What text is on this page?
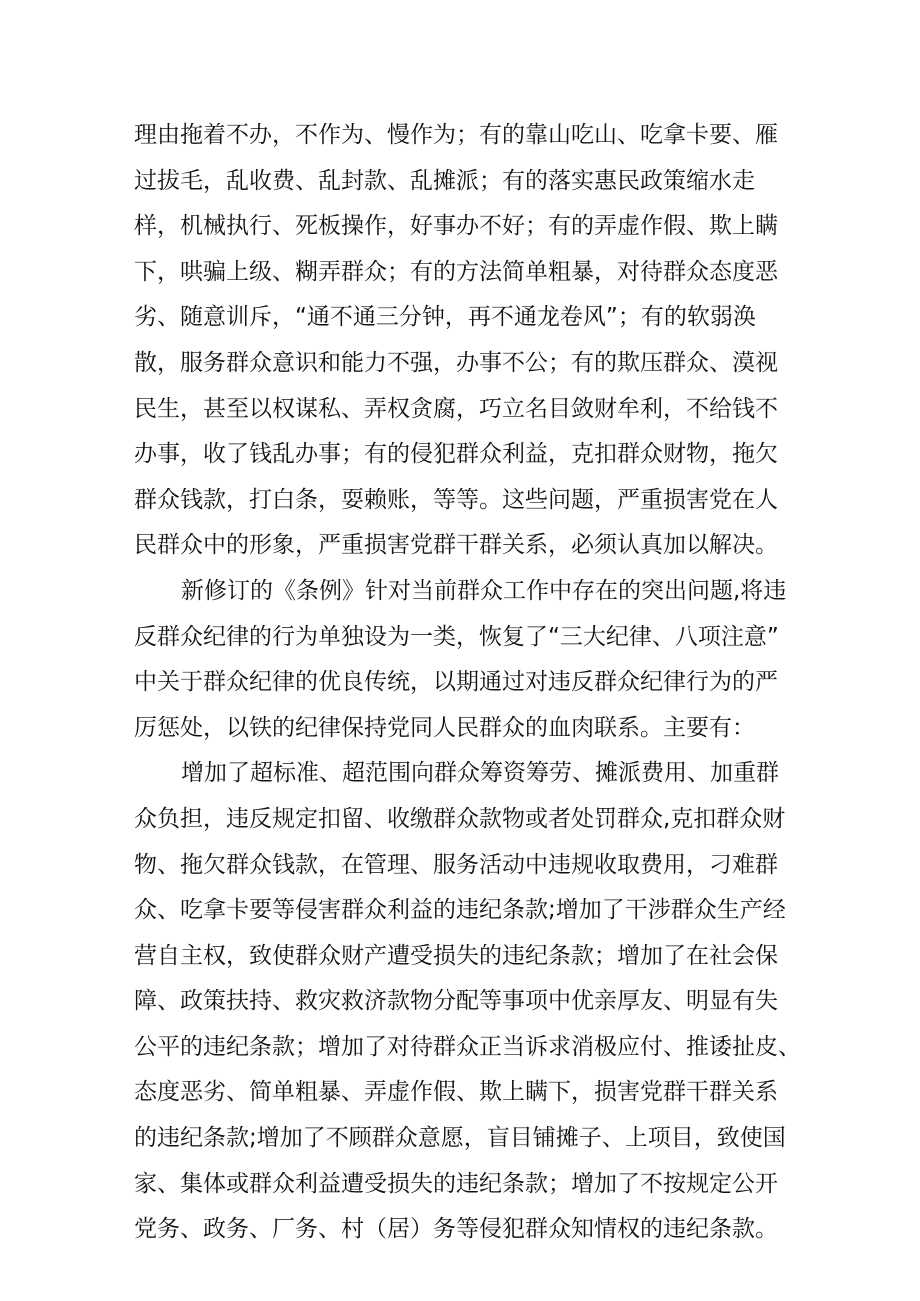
理由拖着不办，不作为、慢作为；有的靠山吃山、吃拿卡要、雁
过拔毛，乱收费、乱封款、乱摊派；有的落实惠民政策缩水走
样，机械执行、死板操作，好事办不好；有的弄虚作假、欺上瞒
下，哄骗上级、糊弄群众；有的方法简单粗暴，对待群众态度恶
劣、随意训斥，“通不通三分钟，再不通龙卷风”；有的软弱涣
散，服务群众意识和能力不强，办事不公；有的欺压群众、漠视
民生，甚至以权谋私、弄权贪腐，巧立名目敛财牟利，不给钱不
办事，收了钱乱办事；有的侵犯群众利益，克扣群众财物，拖欠
群众钱款，打白条，耍赖账，等等。这些问题，严重损害党在人
民群众中的形象，严重损害党群干群关系，必须认真加以解决。
新修订的《条例》针对当前群众工作中存在的突出问题,将违
反群众纪律的行为单独设为一类，恢复了“三大纪律、八项注意”
中关于群众纪律的优良传统，以期通过对违反群众纪律行为的严
厉惩处，以铁的纪律保持党同人民群众的血肉联系。主要有：
增加了超标准、超范围向群众筹资筹劳、摊派费用、加重群
众负担，违反规定扣留、收缴群众款物或者处罚群众,克扣群众财
物、拖欠群众钱款，在管理、服务活动中违规收取费用，刁难群
众、吃拿卡要等侵害群众利益的违纪条款;增加了干涉群众生产经
营自主权，致使群众财产遭受损失的违纪条款；增加了在社会保
障、政策扶持、救灾救济款物分配等事项中优亲厚友、明显有失
公平的违纪条款；增加了对待群众正当诉求消极应付、推诿扯皮、
态度恶劣、简单粗暴、弄虚作假、欺上瞒下，损害党群干群关系
的违纪条款;增加了不顾群众意愿，盲目铺摊子、上项目，致使国
家、集体或群众利益遭受损失的违纪条款；增加了不按规定公开
党务、政务、厂务、村（居）务等侵犯群众知情权的违纪条款。
